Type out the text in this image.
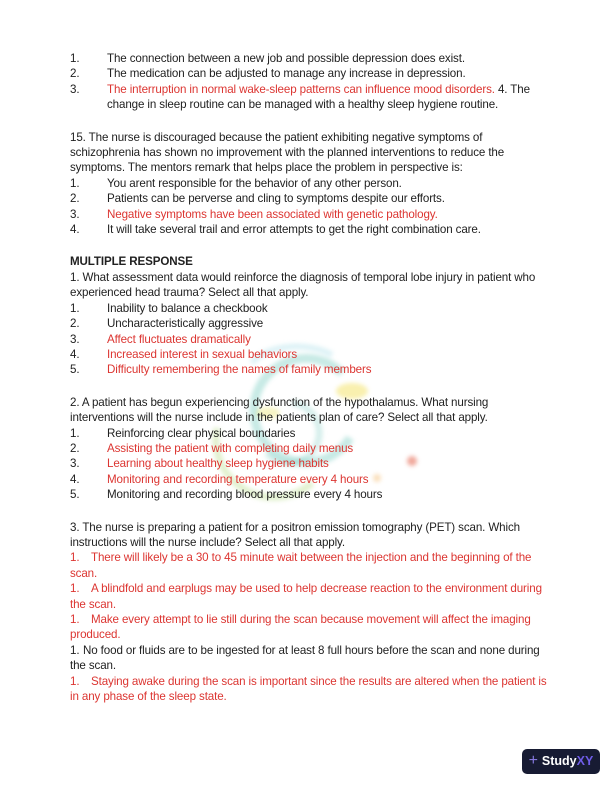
1. The connection between a new job and possible depression does exist.
2. The medication can be adjusted to manage any increase in depression.
3. The interruption in normal wake-sleep patterns can influence mood disorders. 4. The change in sleep routine can be managed with a healthy sleep hygiene routine.

15. The nurse is discouraged because the patient exhibiting negative symptoms of schizophrenia has shown no improvement with the planned interventions to reduce the symptoms. The mentors remark that helps place the problem in perspective is:

1. You arent responsible for the behavior of any other person.
2. Patients can be perverse and cling to symptoms despite our efforts.
3. Negative symptoms have been associated with genetic pathology.
4. It will take several trail and error attempts to get the right combination care.

MULTIPLE RESPONSE

1. What assessment data would reinforce the diagnosis of temporal lobe injury in patient who experienced head trauma? Select all that apply.

1. Inability to balance a checkbook
2. Uncharacteristically aggressive
3. Affect fluctuates dramatically
4. Increased interest in sexual behaviors
5. Difficulty remembering the names of family members

2. A patient has begun experiencing dysfunction of the hypothalamus. What nursing interventions will the nurse include in the patients plan of care? Select all that apply.

1. Reinforcing clear physical boundaries
2. Assisting the patient with completing daily menus
3. Learning about healthy sleep hygiene habits
4. Monitoring and recording temperature every 4 hours
5. Monitoring and recording blood pressure every 4 hours

3. The nurse is preparing a patient for a positron emission tomography (PET) scan. Which instructions will the nurse include? Select all that apply.

1. There will likely be a 30 to 45 minute wait between the injection and the beginning of the scan.
1. A blindfold and earplugs may be used to help decrease reaction to the environment during the scan.
1. Make every attempt to lie still during the scan because movement will affect the imaging produced.
1. No food or fluids are to be ingested for at least 8 full hours before the scan and none during the scan.
1. Staying awake during the scan is important since the results are altered when the patient is in any phase of the sleep state.
+ StudyXY
